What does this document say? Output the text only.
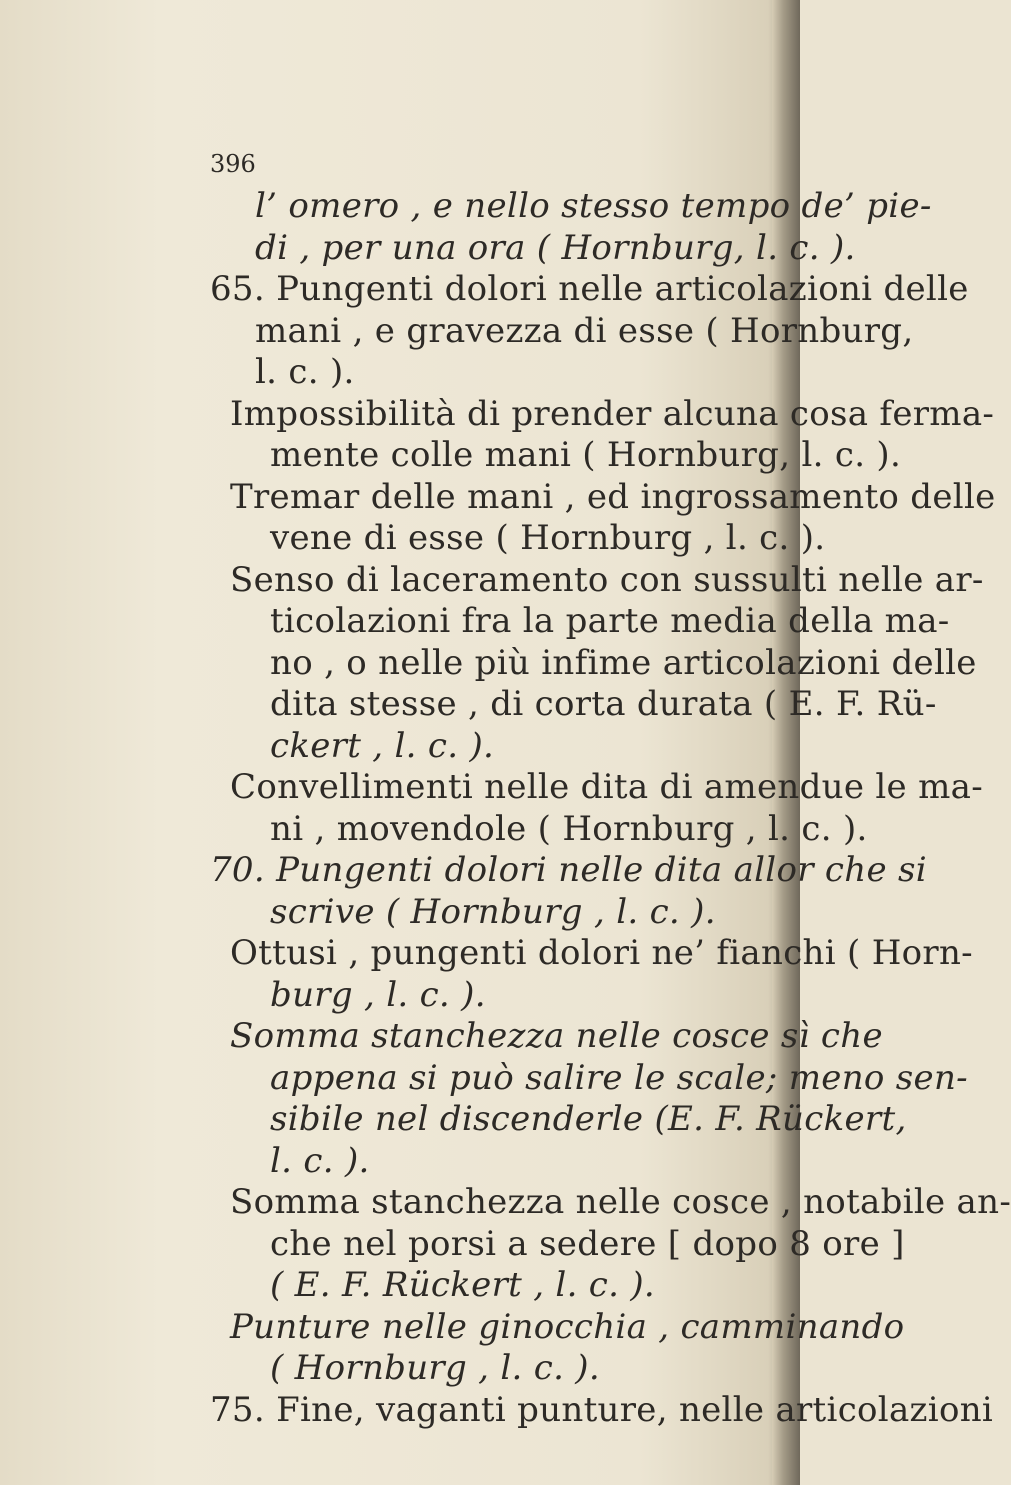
396
l’ omero , e nello stesso tempo de’ pie-
di , per una ora ( Hornburg, l. c. ).
65. Pungenti dolori nelle articolazioni delle
mani , e gravezza di esse ( Hornburg,
l. c. ).
Impossibilità di prender alcuna cosa ferma-
mente colle mani ( Hornburg, l. c. ).
Tremar delle mani , ed ingrossamento delle
vene di esse ( Hornburg , l. c. ).
Senso di laceramento con sussulti nelle ar-
ticolazioni fra la parte media della ma-
no , o nelle più infime articolazioni delle
dita stesse , di corta durata ( E. F. Rü-
ckert , l. c. ).
Convellimenti nelle dita di amendue le ma-
ni , movendole ( Hornburg , l. c. ).
70. Pungenti dolori nelle dita allor che si
scrive ( Hornburg , l. c. ).
Ottusi , pungenti dolori ne’ fianchi ( Horn-
burg , l. c. ).
Somma stanchezza nelle cosce sì che
appena si può salire le scale; meno sen-
sibile nel discenderle (E. F. Rückert,
l. c. ).
Somma stanchezza nelle cosce , notabile an-
che nel porsi a sedere [ dopo 8 ore ]
( E. F. Rückert , l. c. ).
Punture nelle ginocchia , camminando
( Hornburg , l. c. ).
75. Fine, vaganti punture, nelle articolazioni
